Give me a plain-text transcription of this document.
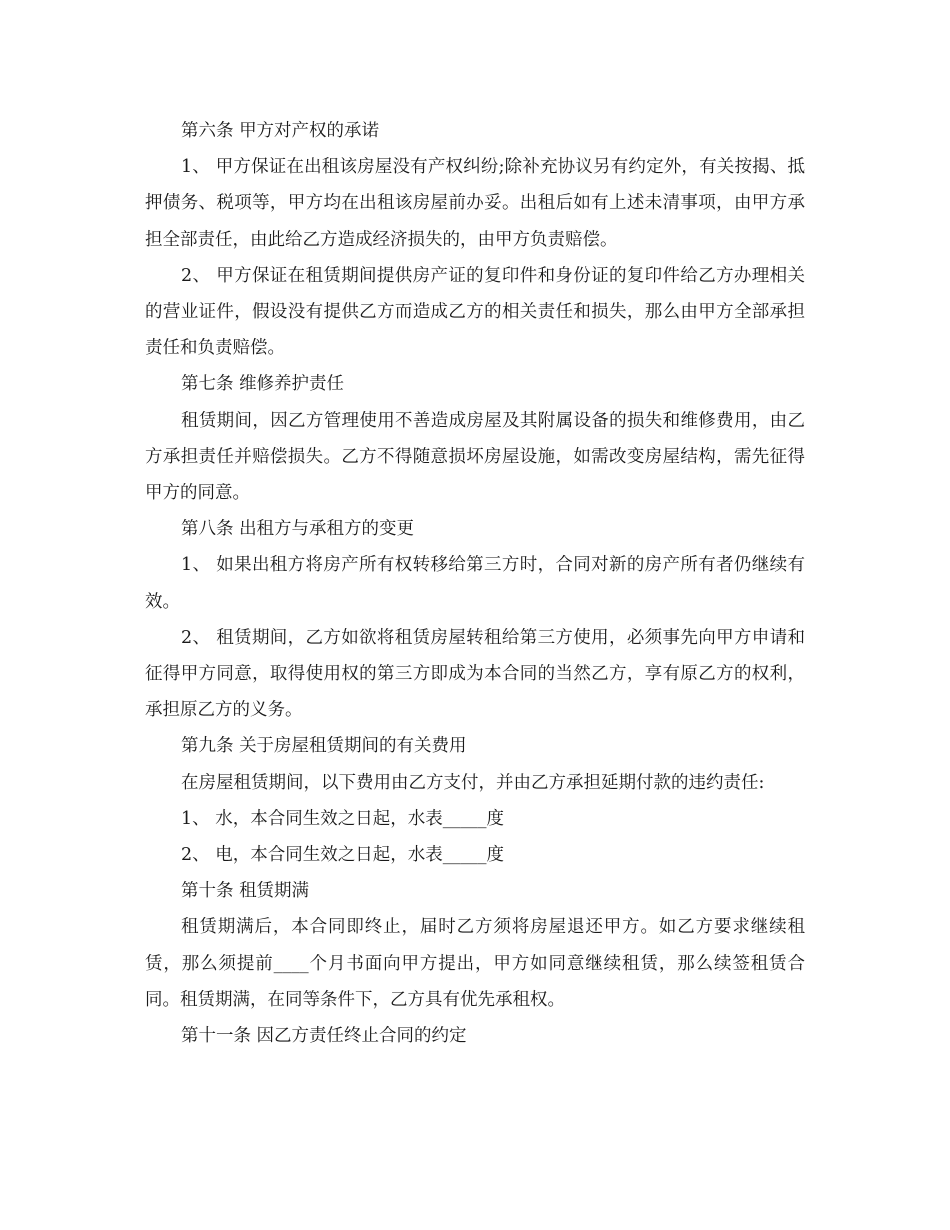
第六条 甲方对产权的承诺

1、 甲方保证在出租该房屋没有产权纠纷;除补充协议另有约定外，有关按揭、抵押债务、税项等，甲方均在出租该房屋前办妥。出租后如有上述未清事项，由甲方承担全部责任，由此给乙方造成经济损失的，由甲方负责赔偿。

2、 甲方保证在租赁期间提供房产证的复印件和身份证的复印件给乙方办理相关的营业证件，假设没有提供乙方而造成乙方的相关责任和损失，那么由甲方全部承担责任和负责赔偿。

第七条 维修养护责任

租赁期间，因乙方管理使用不善造成房屋及其附属设备的损失和维修费用，由乙方承担责任并赔偿损失。乙方不得随意损坏房屋设施，如需改变房屋结构，需先征得甲方的同意。

第八条 出租方与承租方的变更

1、 如果出租方将房产所有权转移给第三方时，合同对新的房产所有者仍继续有效。

2、 租赁期间，乙方如欲将租赁房屋转租给第三方使用，必须事先向甲方申请和征得甲方同意，取得使用权的第三方即成为本合同的当然乙方，享有原乙方的权利，承担原乙方的义务。

第九条 关于房屋租赁期间的有关费用

在房屋租赁期间，以下费用由乙方支付，并由乙方承担延期付款的违约责任:

1、 水，本合同生效之日起，水表_____度

2、 电，本合同生效之日起，水表_____度

第十条 租赁期满

租赁期满后，本合同即终止，届时乙方须将房屋退还甲方。如乙方要求继续租赁，那么须提前____个月书面向甲方提出，甲方如同意继续租赁，那么续签租赁合同。租赁期满，在同等条件下，乙方具有优先承租权。

第十一条 因乙方责任终止合同的约定
